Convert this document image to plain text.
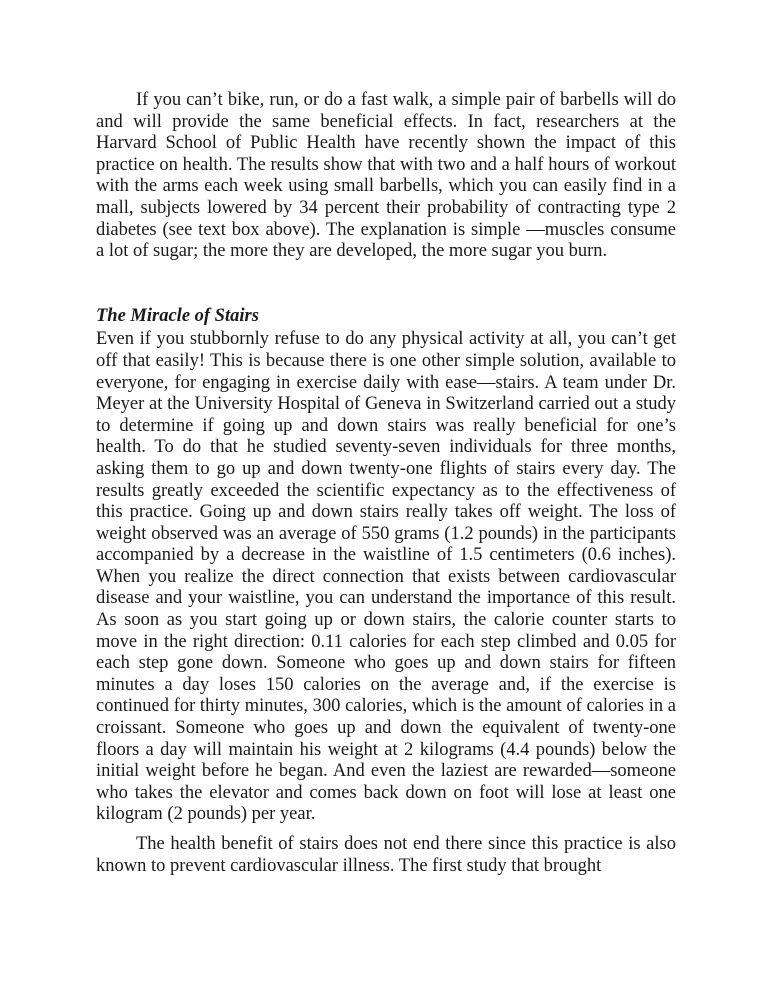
If you can’t bike, run, or do a fast walk, a simple pair of barbells will do and will provide the same beneficial effects. In fact, researchers at the Harvard School of Public Health have recently shown the impact of this practice on health. The results show that with two and a half hours of workout with the arms each week using small barbells, which you can easily find in a mall, subjects lowered by 34 percent their probability of contracting type 2 diabetes (see text box above). The explanation is simple —muscles consume a lot of sugar; the more they are developed, the more sugar you burn.

The Miracle of Stairs

Even if you stubbornly refuse to do any physical activity at all, you can’t get off that easily! This is because there is one other simple solution, available to everyone, for engaging in exercise daily with ease—stairs. A team under Dr. Meyer at the University Hospital of Geneva in Switzerland carried out a study to determine if going up and down stairs was really beneficial for one’s health. To do that he studied seventy-seven individuals for three months, asking them to go up and down twenty-one flights of stairs every day. The results greatly exceeded the scientific expectancy as to the effectiveness of this practice. Going up and down stairs really takes off weight. The loss of weight observed was an average of 550 grams (1.2 pounds) in the participants accompanied by a decrease in the waistline of 1.5 centimeters (0.6 inches). When you realize the direct connection that exists between cardiovascular disease and your waistline, you can understand the importance of this result. As soon as you start going up or down stairs, the calorie counter starts to move in the right direction: 0.11 calories for each step climbed and 0.05 for each step gone down. Someone who goes up and down stairs for fifteen minutes a day loses 150 calories on the average and, if the exercise is continued for thirty minutes, 300 calories, which is the amount of calories in a croissant. Someone who goes up and down the equivalent of twenty-one floors a day will maintain his weight at 2 kilograms (4.4 pounds) below the initial weight before he began. And even the laziest are rewarded—someone who takes the elevator and comes back down on foot will lose at least one kilogram (2 pounds) per year.

The health benefit of stairs does not end there since this practice is also known to prevent cardiovascular illness. The first study that brought
